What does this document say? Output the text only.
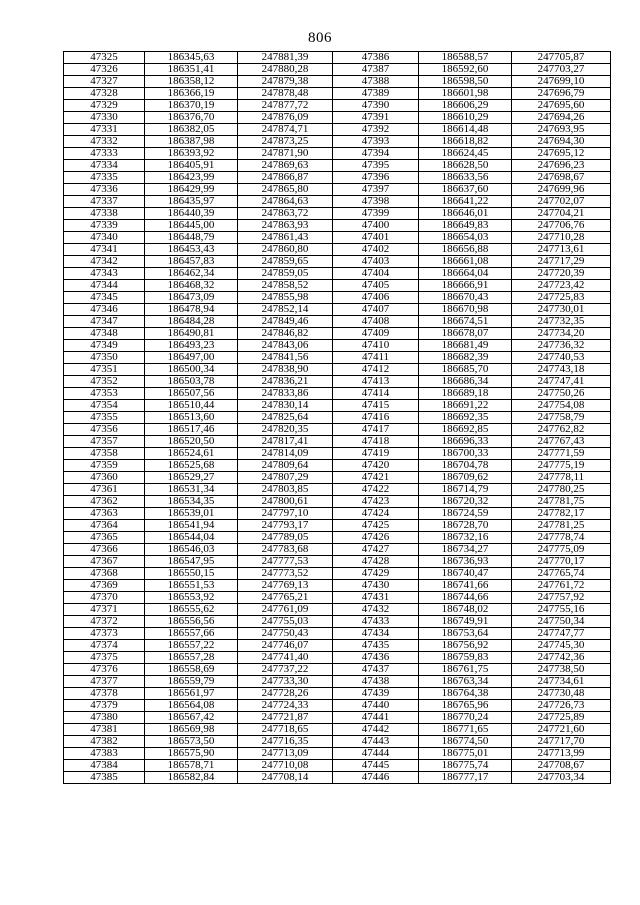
806
47325	186345,63	247881,39	47386	186588,57	247705,87
47326	186351,41	247880,28	47387	186592,60	247703,27
47327	186358,12	247879,38	47388	186598,50	247699,10
47328	186366,19	247878,48	47389	186601,98	247696,79
47329	186370,19	247877,72	47390	186606,29	247695,60
47330	186376,70	247876,09	47391	186610,29	247694,26
47331	186382,05	247874,71	47392	186614,48	247693,95
47332	186387,98	247873,25	47393	186618,82	247694,30
47333	186393,92	247871,90	47394	186624,45	247695,12
47334	186405,91	247869,63	47395	186628,50	247696,23
47335	186423,99	247866,87	47396	186633,56	247698,67
47336	186429,99	247865,80	47397	186637,60	247699,96
47337	186435,97	247864,63	47398	186641,22	247702,07
47338	186440,39	247863,72	47399	186646,01	247704,21
47339	186445,00	247863,93	47400	186649,83	247706,76
47340	186448,79	247861,43	47401	186654,03	247710,28
47341	186453,43	247860,80	47402	186656,88	247713,61
47342	186457,83	247859,65	47403	186661,08	247717,29
47343	186462,34	247859,05	47404	186664,04	247720,39
47344	186468,32	247858,52	47405	186666,91	247723,42
47345	186473,09	247855,98	47406	186670,43	247725,83
47346	186478,94	247852,14	47407	186670,98	247730,01
47347	186484,28	247849,46	47408	186674,51	247732,35
47348	186490,81	247846,82	47409	186678,07	247734,20
47349	186493,23	247843,06	47410	186681,49	247736,32
47350	186497,00	247841,56	47411	186682,39	247740,53
47351	186500,34	247838,90	47412	186685,70	247743,18
47352	186503,78	247836,21	47413	186686,34	247747,41
47353	186507,56	247833,86	47414	186689,18	247750,26
47354	186510,44	247830,14	47415	186691,22	247754,08
47355	186513,60	247825,64	47416	186692,35	247758,79
47356	186517,46	247820,35	47417	186692,85	247762,82
47357	186520,50	247817,41	47418	186696,33	247767,43
47358	186524,61	247814,09	47419	186700,33	247771,59
47359	186525,68	247809,64	47420	186704,78	247775,19
47360	186529,27	247807,29	47421	186709,62	247778,11
47361	186531,34	247803,85	47422	186714,79	247780,25
47362	186534,35	247800,61	47423	186720,32	247781,75
47363	186539,01	247797,10	47424	186724,59	247782,17
47364	186541,94	247793,17	47425	186728,70	247781,25
47365	186544,04	247789,05	47426	186732,16	247778,74
47366	186546,03	247783,68	47427	186734,27	247775,09
47367	186547,95	247777,53	47428	186736,93	247770,17
47368	186550,15	247773,52	47429	186740,47	247765,74
47369	186551,53	247769,13	47430	186741,66	247761,72
47370	186553,92	247765,21	47431	186744,66	247757,92
47371	186555,62	247761,09	47432	186748,02	247755,16
47372	186556,56	247755,03	47433	186749,91	247750,34
47373	186557,66	247750,43	47434	186753,64	247747,77
47374	186557,22	247746,07	47435	186756,92	247745,30
47375	186557,28	247741,40	47436	186759,83	247742,36
47376	186558,69	247737,22	47437	186761,75	247738,50
47377	186559,79	247733,30	47438	186763,34	247734,61
47378	186561,97	247728,26	47439	186764,38	247730,48
47379	186564,08	247724,33	47440	186765,96	247726,73
47380	186567,42	247721,87	47441	186770,24	247725,89
47381	186569,98	247718,65	47442	186771,65	247721,60
47382	186573,50	247716,35	47443	186774,50	247717,70
47383	186575,90	247713,09	47444	186775,01	247713,99
47384	186578,71	247710,08	47445	186775,74	247708,67
47385	186582,84	247708,14	47446	186777,17	247703,34
